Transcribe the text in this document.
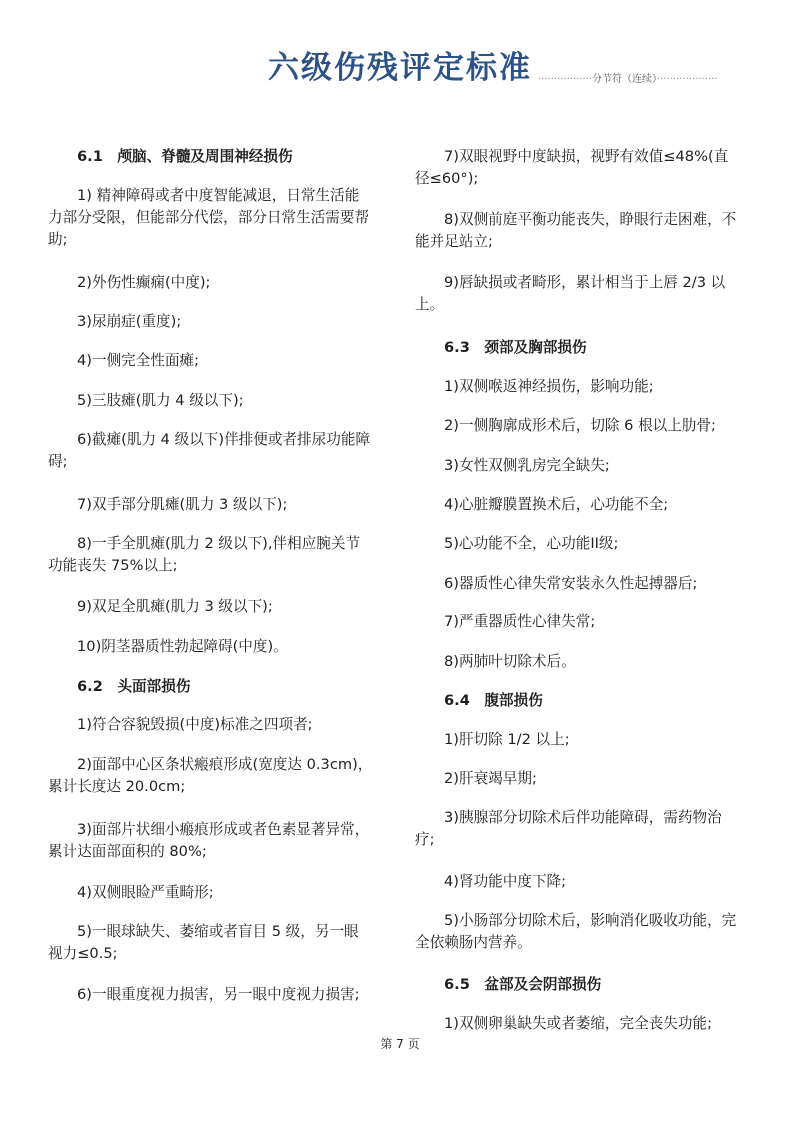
六级伤残评定标准 ·················分节符（连续）···················

6.1　颅脑、脊髓及周围神经损伤

1) 精神障碍或者中度智能减退，日常生活能力部分受限，但能部分代偿，部分日常生活需要帮助;

2)外伤性癫痫(中度);

3)尿崩症(重度);

4)一侧完全性面瘫;

5)三肢瘫(肌力 4 级以下);

6)截瘫(肌力 4 级以下)伴排便或者排尿功能障碍;

7)双手部分肌瘫(肌力 3 级以下);

8)一手全肌瘫(肌力 2 级以下),伴相应腕关节功能丧失 75%以上;

9)双足全肌瘫(肌力 3 级以下);

10)阴茎器质性勃起障碍(中度)。

6.2　头面部损伤

1)符合容貌毁损(中度)标准之四项者;

2)面部中心区条状瘢痕形成(宽度达 0.3cm)，累计长度达 20.0cm;

3)面部片状细小瘢痕形成或者色素显著异常，累计达面部面积的 80%;

4)双侧眼睑严重畸形;

5)一眼球缺失、萎缩或者盲目 5 级，另一眼视力≤0.5;

6)一眼重度视力损害，另一眼中度视力损害;

7)双眼视野中度缺损，视野有效值≤48%(直径≤60°);

8)双侧前庭平衡功能丧失，睁眼行走困难，不能并足站立;

9)唇缺损或者畸形，累计相当于上唇 2/3 以上。

6.3　颈部及胸部损伤

1)双侧喉返神经损伤，影响功能;

2)一侧胸廓成形术后，切除 6 根以上肋骨;

3)女性双侧乳房完全缺失;

4)心脏瓣膜置换术后，心功能不全;

5)心功能不全，心功能II级;

6)器质性心律失常安装永久性起搏器后;

7)严重器质性心律失常;

8)两肺叶切除术后。

6.4　腹部损伤

1)肝切除 1/2 以上;

2)肝衰竭早期;

3)胰腺部分切除术后伴功能障碍，需药物治疗;

4)肾功能中度下降;

5)小肠部分切除术后，影响消化吸收功能，完全依赖肠内营养。

6.5　盆部及会阴部损伤

1)双侧卵巢缺失或者萎缩，完全丧失功能;

第 7 页
